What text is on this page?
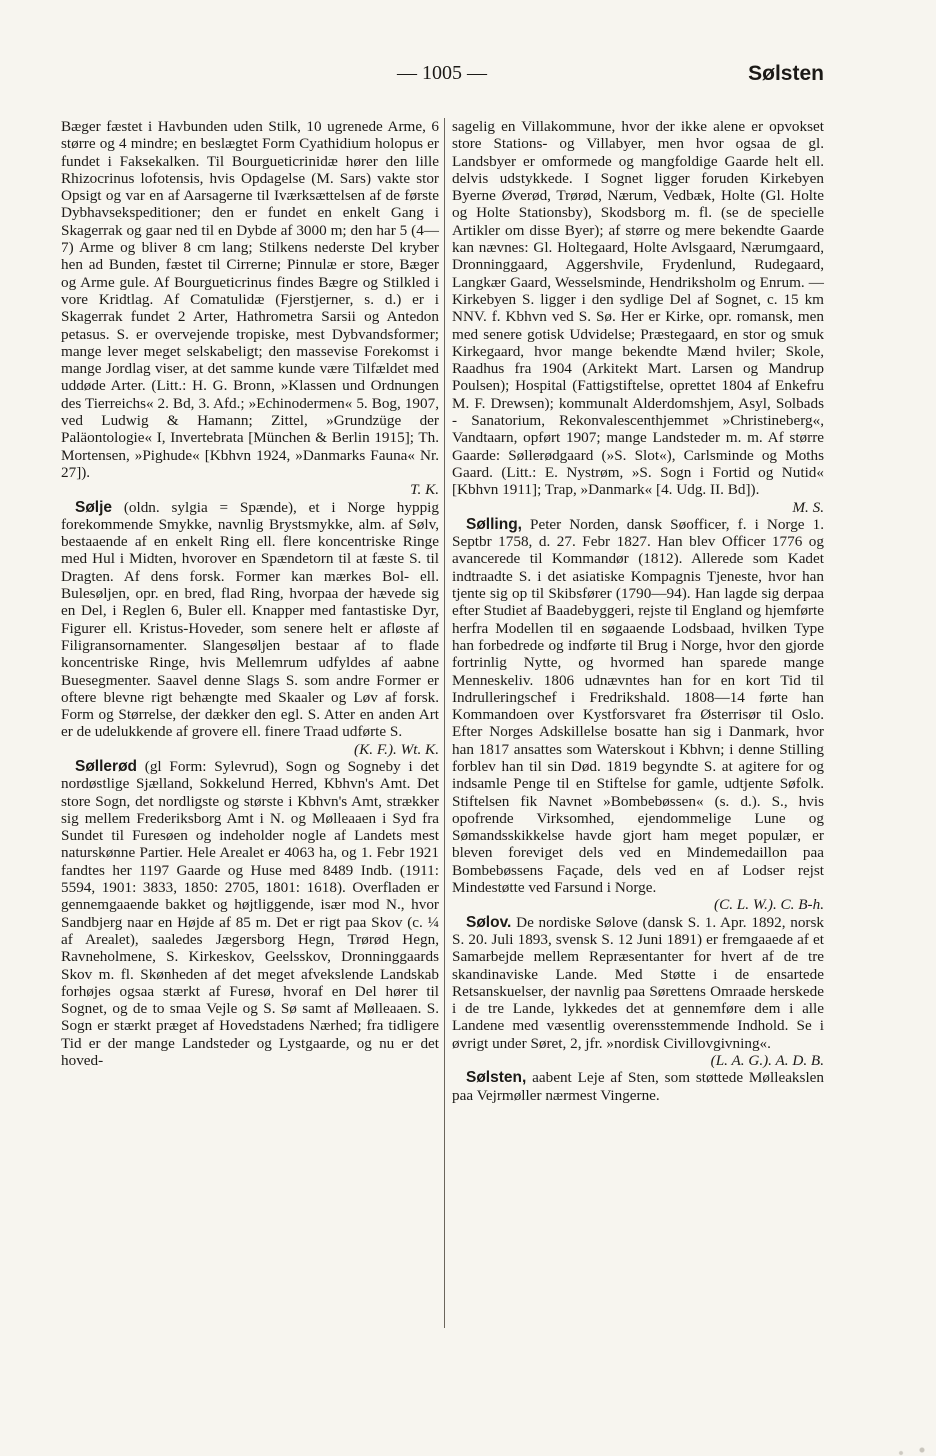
— 1005 —	Sølsten

Bæger fæstet i Havbunden uden Stilk, 10 ugrenede Arme, 6 større og 4 mindre; en beslægtet Form Cyathidium holopus er fundet i Faksekalken. Til Bourgueticrinidæ hører den lille Rhizocrinus lofotensis, hvis Opdagelse (M. Sars) vakte stor Opsigt og var en af Aarsagerne til Iværksættelsen af de første Dybhavsekspeditioner; den er fundet en enkelt Gang i Skagerrak og gaar ned til en Dybde af 3000 m; den har 5 (4—7) Arme og bliver 8 cm lang; Stilkens nederste Del kryber hen ad Bunden, fæstet til Cirrerne; Pinnulæ er store, Bæger og Arme gule. Af Bourgueticrinus findes Bægre og Stilkled i vore Kridtlag. Af Comatulidæ (Fjerstjerner, s. d.) er i Skagerrak fundet 2 Arter, Hathrometra Sarsii og Antedon petasus. S. er overvejende tropiske, mest Dybvandsformer; mange lever meget selskabeligt; den massevise Forekomst i mange Jordlag viser, at det samme kunde være Tilfældet med uddøde Arter. (Litt.: H. G. Bronn, »Klassen und Ordnungen des Tierreichs« 2. Bd, 3. Afd.; »Echinodermen« 5. Bog, 1907, ved Ludwig & Hamann; Zittel, »Grundzüge der Paläontologie« I, Invertebrata [München & Berlin 1915]; Th. Mortensen, »Pighude« [Kbhvn 1924, »Danmarks Fauna« Nr. 27]).

T. K.

Sølje (oldn. sylgia = Spænde), et i Norge hyppig forekommende Smykke, navnlig Brystsmykke, alm. af Sølv, bestaaende af en enkelt Ring ell. flere koncentriske Ringe med Hul i Midten, hvorover en Spændetorn til at fæste S. til Dragten. Af dens forsk. Former kan mærkes Bol- ell. Bulesøljen, opr. en bred, flad Ring, hvorpaa der hævede sig en Del, i Reglen 6, Buler ell. Knapper med fantastiske Dyr, Figurer ell. Kristus-Hoveder, som senere helt er afløste af Filigransornamenter. Slangesøljen bestaar af to flade koncentriske Ringe, hvis Mellemrum udfyldes af aabne Buesegmenter. Saavel denne Slags S. som andre Former er oftere blevne rigt behængte med Skaaler og Løv af forsk. Form og Størrelse, der dækker den egl. S. Atter en anden Art er de udelukkende af grovere ell. finere Traad udførte S.

(K. F.). Wt. K.

Søllerød (gl Form: Sylevrud), Sogn og Sogneby i det nordøstlige Sjælland, Sokkelund Herred, Kbhvn's Amt. Det store Sogn, det nordligste og største i Kbhvn's Amt, strækker sig mellem Frederiksborg Amt i N. og Mølleaaen i Syd fra Sundet til Furesøen og indeholder nogle af Landets mest naturskønne Partier. Hele Arealet er 4063 ha, og 1. Febr 1921 fandtes her 1197 Gaarde og Huse med 8489 Indb. (1911: 5594, 1901: 3833, 1850: 2705, 1801: 1618). Overfladen er gennemgaaende bakket og højtliggende, især mod N., hvor Sandbjerg naar en Højde af 85 m. Det er rigt paa Skov (c. ¼ af Arealet), saaledes Jægersborg Hegn, Trørød Hegn, Ravneholmene, S. Kirkeskov, Geelsskov, Dronninggaards Skov m. fl. Skønheden af det meget afvekslende Landskab forhøjes ogsaa stærkt af Furesø, hvoraf en Del hører til Sognet, og de to smaa Vejle og S. Sø samt af Mølleaaen. S. Sogn er stærkt præget af Hovedstadens Nærhed; fra tidligere Tid er der mange Landsteder og Lystgaarde, og nu er det hoved-

sagelig en Villakommune, hvor der ikke alene er opvokset store Stations- og Villabyer, men hvor ogsaa de gl. Landsbyer er omformede og mangfoldige Gaarde helt ell. delvis udstykkede. I Sognet ligger foruden Kirkebyen Byerne Øverød, Trørød, Nærum, Vedbæk, Holte (Gl. Holte og Holte Stationsby), Skodsborg m. fl. (se de specielle Artikler om disse Byer); af større og mere bekendte Gaarde kan nævnes: Gl. Holtegaard, Holte Avlsgaard, Nærumgaard, Dronninggaard, Aggershvile, Frydenlund, Rudegaard, Langkær Gaard, Wesselsminde, Hendriksholm og Enrum. — Kirkebyen S. ligger i den sydlige Del af Sognet, c. 15 km NNV. f. Kbhvn ved S. Sø. Her er Kirke, opr. romansk, men med senere gotisk Udvidelse; Præstegaard, en stor og smuk Kirkegaard, hvor mange bekendte Mænd hviler; Skole, Raadhus fra 1904 (Arkitekt Mart. Larsen og Mandrup Poulsen); Hospital (Fattigstiftelse, oprettet 1804 af Enkefru M. F. Drewsen); kommunalt Alderdomshjem, Asyl, Solbads - Sanatorium, Rekonvalescenthjemmet »Christineberg«, Vandtaarn, opført 1907; mange Landsteder m. m. Af større Gaarde: Søllerødgaard (»S. Slot«), Carlsminde og Moths Gaard. (Litt.: E. Nystrøm, »S. Sogn i Fortid og Nutid« [Kbhvn 1911]; Trap, »Danmark« [4. Udg. II. Bd]).

M. S.

Sølling, Peter Norden, dansk Søofficer, f. i Norge 1. Septbr 1758, d. 27. Febr 1827. Han blev Officer 1776 og avancerede til Kommandør (1812). Allerede som Kadet indtraadte S. i det asiatiske Kompagnis Tjeneste, hvor han tjente sig op til Skibsfører (1790—94). Han lagde sig derpaa efter Studiet af Baadebyggeri, rejste til England og hjemførte herfra Modellen til en søgaaende Lodsbaad, hvilken Type han forbedrede og indførte til Brug i Norge, hvor den gjorde fortrinlig Nytte, og hvormed han sparede mange Menneskeliv. 1806 udnævntes han for en kort Tid til Indrulleringschef i Fredrikshald. 1808—14 førte han Kommandoen over Kystforsvaret fra Østerrisør til Oslo. Efter Norges Adskillelse bosatte han sig i Danmark, hvor han 1817 ansattes som Waterskout i Kbhvn; i denne Stilling forblev han til sin Død. 1819 begyndte S. at agitere for og indsamle Penge til en Stiftelse for gamle, udtjente Søfolk. Stiftelsen fik Navnet »Bombebøssen« (s. d.). S., hvis opofrende Virksomhed, ejendommelige Lune og Sømandsskikkelse havde gjort ham meget populær, er bleven foreviget dels ved en Mindemedaillon paa Bombebøssens Façade, dels ved en af Lodser rejst Mindestøtte ved Farsund i Norge.

(C. L. W.). C. B-h.

Sølov. De nordiske Sølove (dansk S. 1. Apr. 1892, norsk S. 20. Juli 1893, svensk S. 12 Juni 1891) er fremgaaede af et Samarbejde mellem Repræsentanter for hvert af de tre skandinaviske Lande. Med Støtte i de ensartede Retsanskuelser, der navnlig paa Sørettens Omraade herskede i de tre Lande, lykkedes det at gennemføre dem i alle Landene med væsentlig overensstemmende Indhold. Se i øvrigt under Søret, 2, jfr. »nordisk Civillovgivning«.

(L. A. G.). A. D. B.

Sølsten, aabent Leje af Sten, som støttede Mølleakslen paa Vejrmøller nærmest Vingerne.
